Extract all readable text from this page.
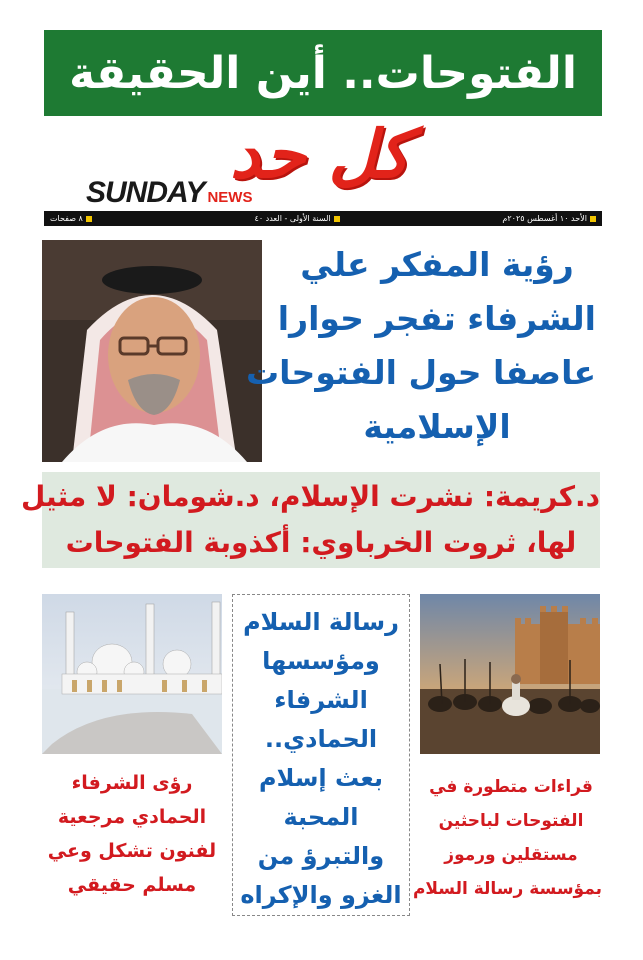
الفتوحات.. أين الحقيقة
كل حد
SUNDAY NEWS
الأحد ١٠ أغسطس ٢٠٢٥م
السنة الأولى - العدد ٤٠
٨ صفحات
رؤية المفكر علي
الشرفاء تفجر حوارا
عاصفا حول الفتوحات
الإسلامية
د.كريمة: نشرت الإسلام، د.شومان: لا مثيل
لها، ثروت الخرباوي: أكذوبة الفتوحات
رسالة السلام
ومؤسسها
الشرفاء
الحمادي..
بعث إسلام
المحبة
والتبرؤ من
الغزو والإكراه
رؤى الشرفاء
الحمادي مرجعية
لفنون تشكل وعي
مسلم حقيقي
قراءات متطورة في
الفتوحات لباحثين
مستقلين ورموز
بمؤسسة رسالة السلام
